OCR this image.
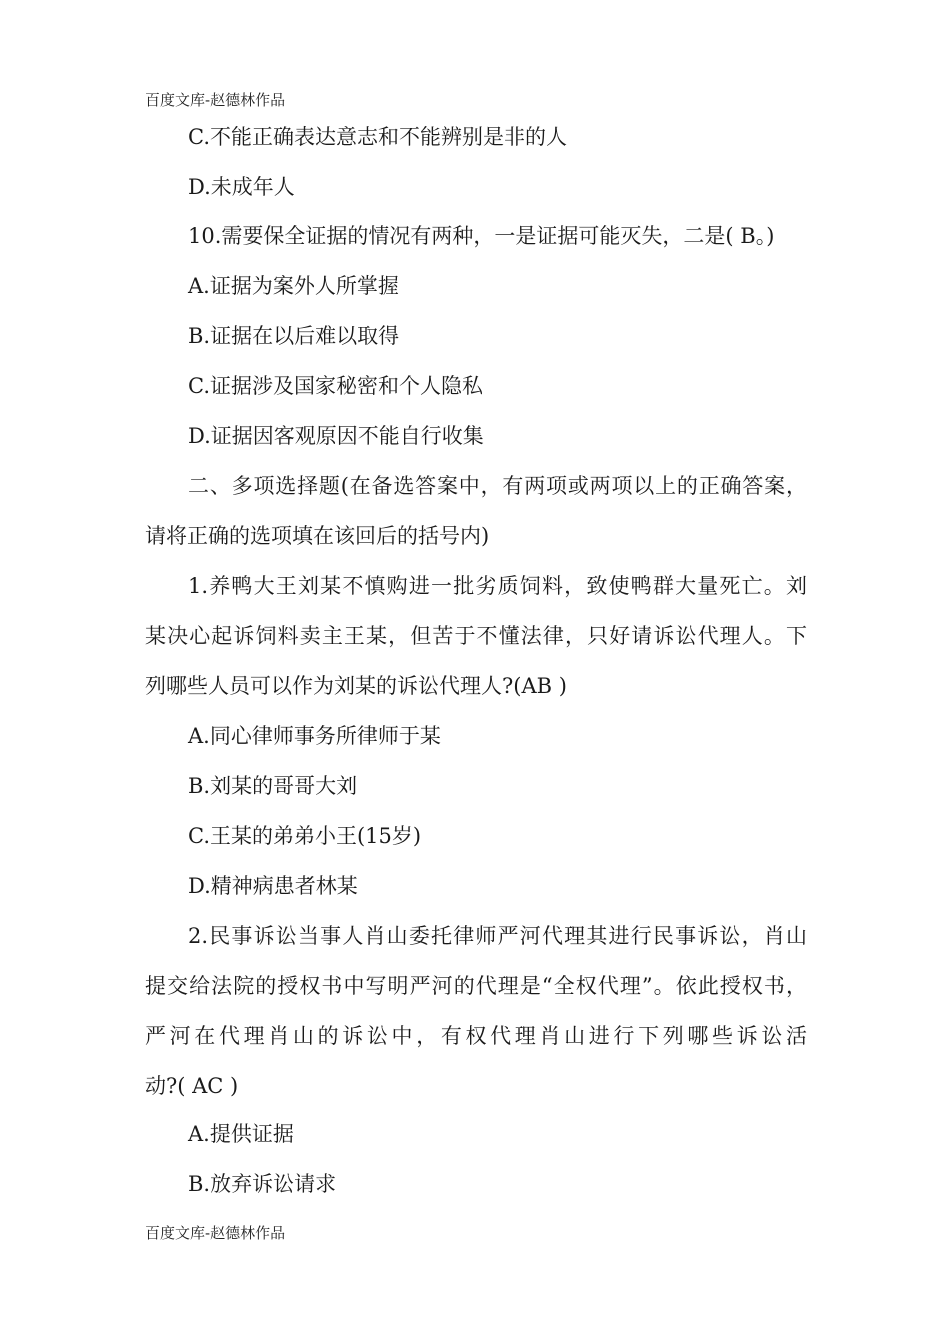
百度文库-赵德林作品
C.不能正确表达意志和不能辨别是非的人
D.未成年人
10.需要保全证据的情况有两种，一是证据可能灭失，二是( B。)
A.证据为案外人所掌握
B.证据在以后难以取得
C.证据涉及国家秘密和个人隐私
D.证据因客观原因不能自行收集
二、多项选择题(在备选答案中，有两项或两项以上的正确答案，
请将正确的选项填在该回后的括号内)
1.养鸭大王刘某不慎购进一批劣质饲料，致使鸭群大量死亡。刘
某决心起诉饲料卖主王某，但苦于不懂法律，只好请诉讼代理人。下
列哪些人员可以作为刘某的诉讼代理人?(AB )
A.同心律师事务所律师于某
B.刘某的哥哥大刘
C.王某的弟弟小王(15岁)
D.精神病患者林某
2.民事诉讼当事人肖山委托律师严河代理其进行民事诉讼，肖山
提交给法院的授权书中写明严河的代理是“全权代理”。依此授权书，
严河在代理肖山的诉讼中，有权代理肖山进行下列哪些诉讼活
动?( AC )
A.提供证据
B.放弃诉讼请求
百度文库-赵德林作品
